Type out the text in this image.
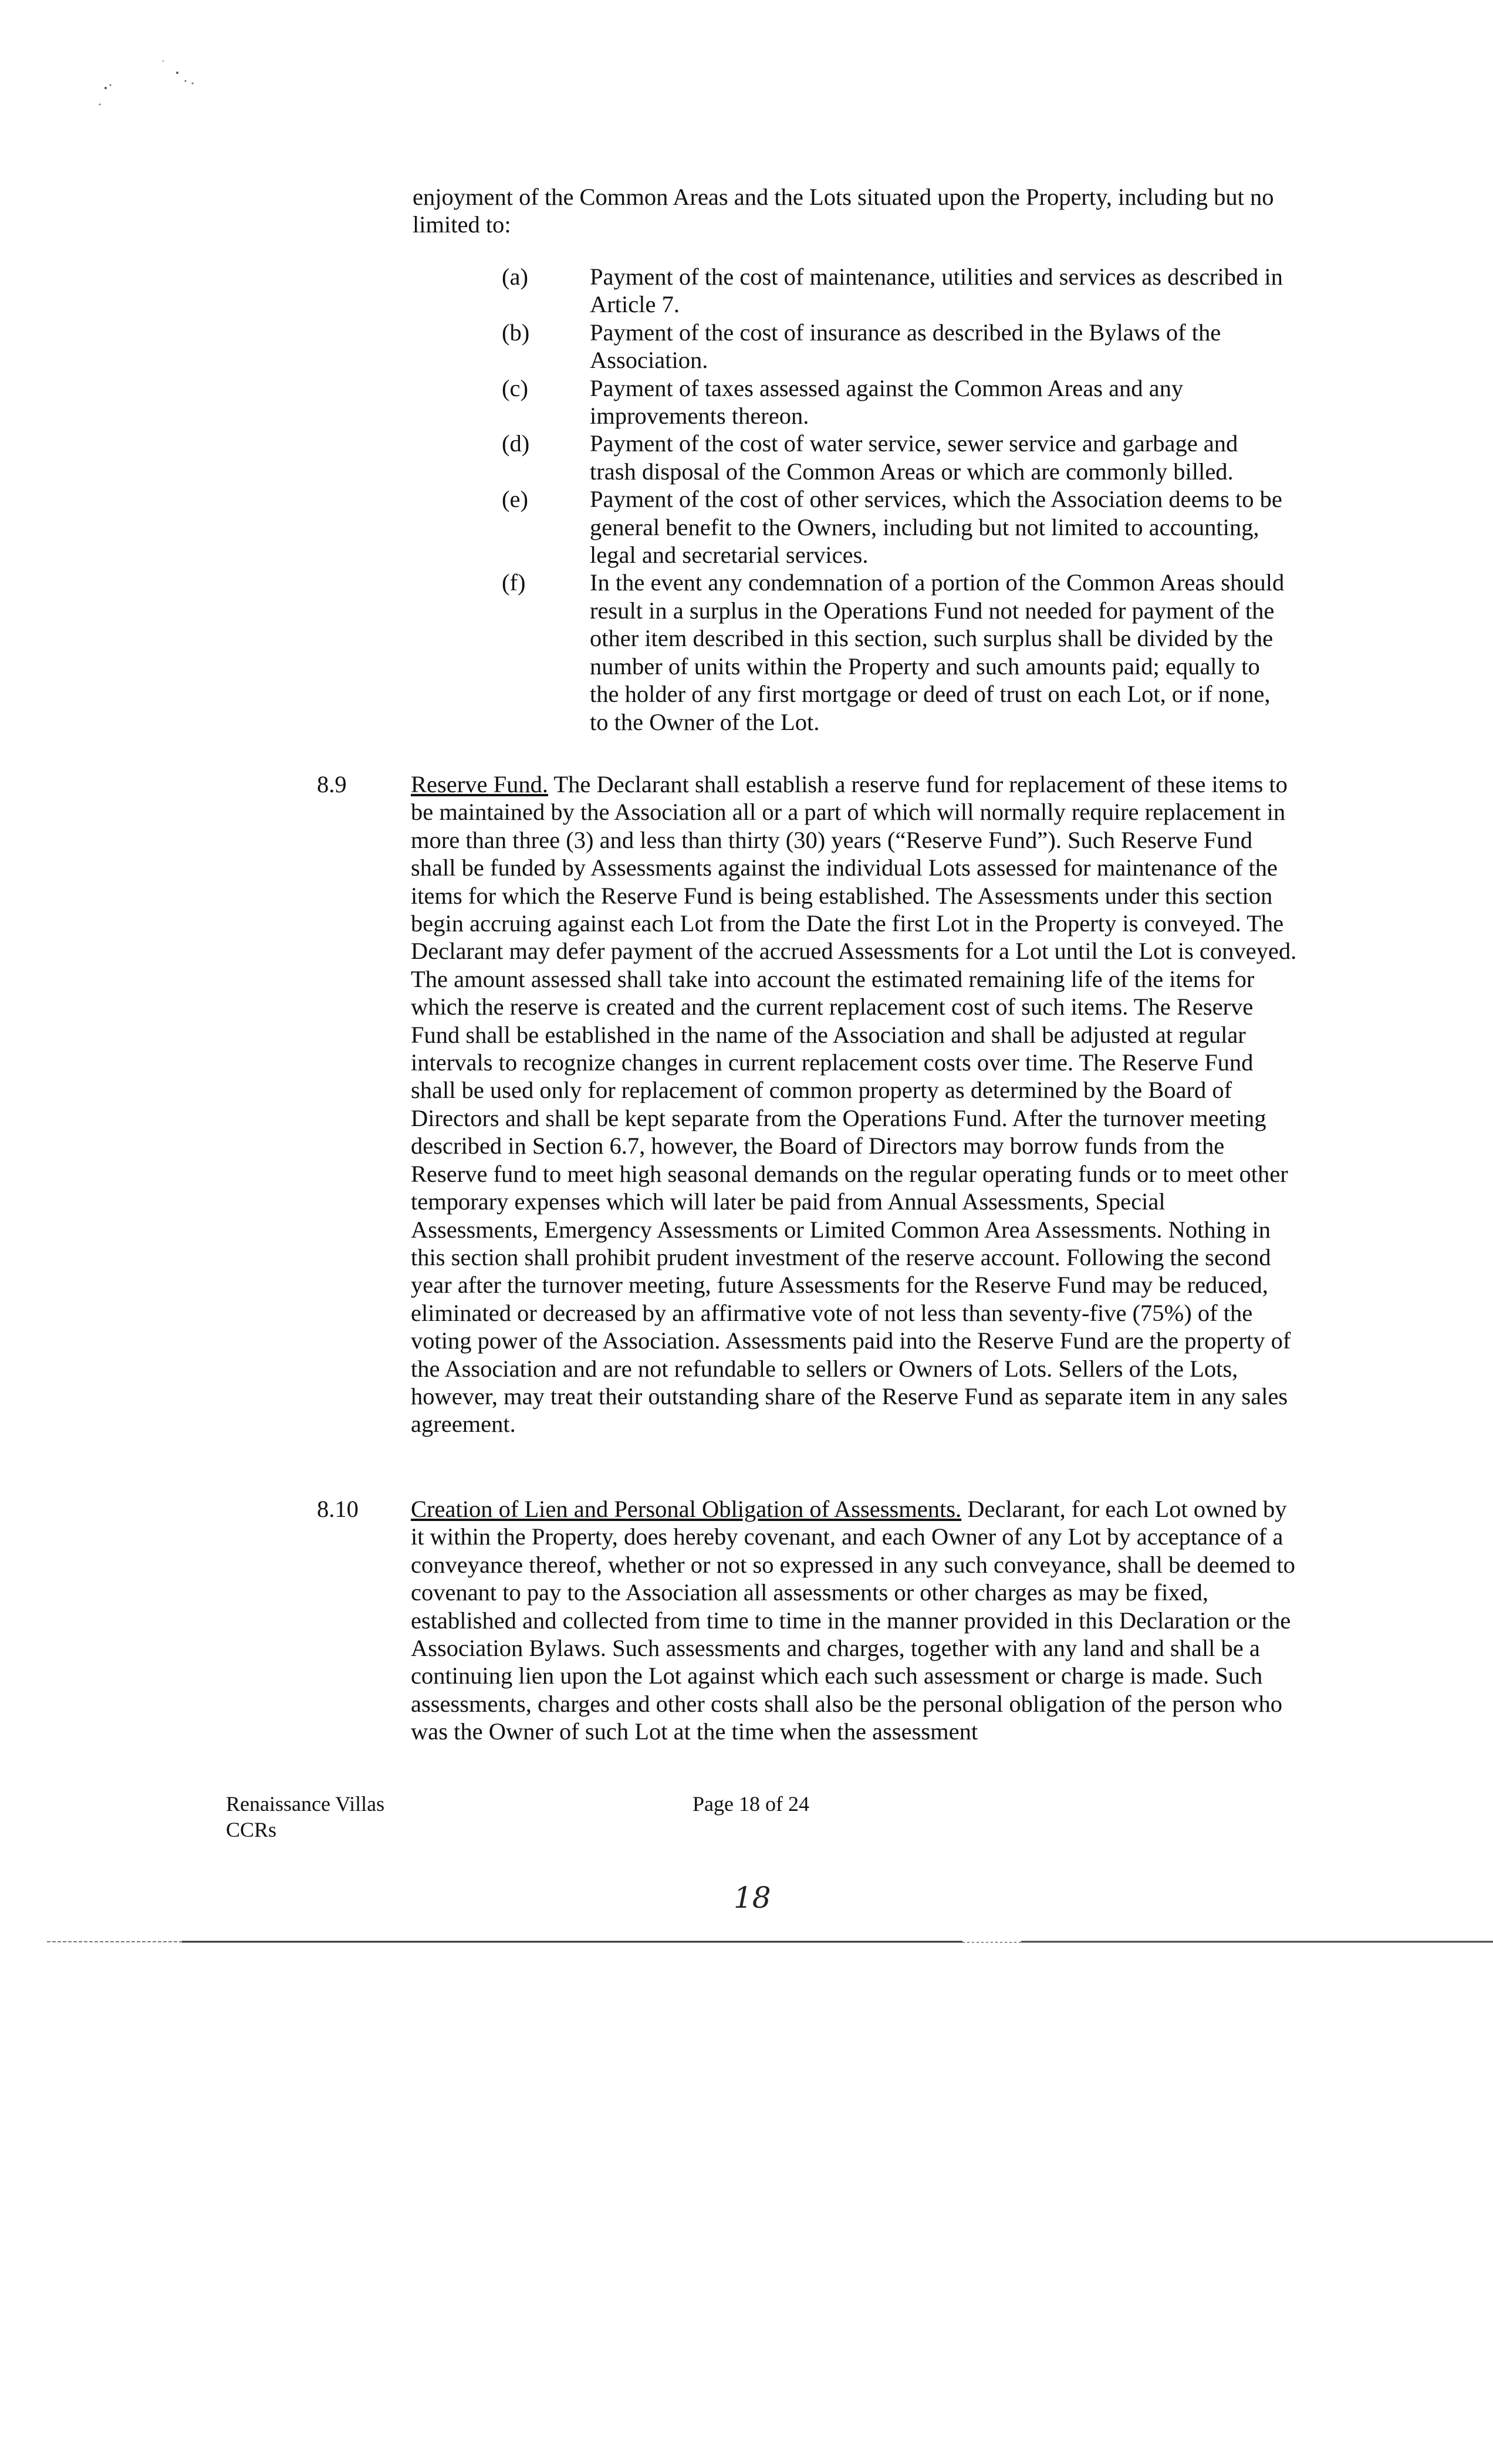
enjoyment of the Common Areas and the Lots situated upon the Property, including but no limited to:

(a)	Payment of the cost of maintenance, utilities and services as described in Article 7.
(b)	Payment of the cost of insurance as described in the Bylaws of the Association.
(c)	Payment of taxes assessed against the Common Areas and any improvements thereon.
(d)	Payment of the cost of water service, sewer service and garbage and trash disposal of the Common Areas or which are commonly billed.
(e)	Payment of the cost of other services, which the Association deems to be general benefit to the Owners, including but not limited to accounting, legal and secretarial services.
(f)	In the event any condemnation of a portion of the Common Areas should result in a surplus in the Operations Fund not needed for payment of the other item described in this section, such surplus shall be divided by the number of units within the Property and such amounts paid; equally to the holder of any first mortgage or deed of trust on each Lot, or if none, to the Owner of the Lot.
8.9	Reserve Fund. The Declarant shall establish a reserve fund for replacement of these items to be maintained by the Association all or a part of which will normally require replacement in more than three (3) and less than thirty (30) years (“Reserve Fund”). Such Reserve Fund shall be funded by Assessments against the individual Lots assessed for maintenance of the items for which the Reserve Fund is being established. The Assessments under this section begin accruing against each Lot from the Date the first Lot in the Property is conveyed. The Declarant may defer payment of the accrued Assessments for a Lot until the Lot is conveyed. The amount assessed shall take into account the estimated remaining life of the items for which the reserve is created and the current replacement cost of such items. The Reserve Fund shall be established in the name of the Association and shall be adjusted at regular intervals to recognize changes in current replacement costs over time. The Reserve Fund shall be used only for replacement of common property as determined by the Board of Directors and shall be kept separate from the Operations Fund. After the turnover meeting described in Section 6.7, however, the Board of Directors may borrow funds from the Reserve fund to meet high seasonal demands on the regular operating funds or to meet other temporary expenses which will later be paid from Annual Assessments, Special Assessments, Emergency Assessments or Limited Common Area Assessments. Nothing in this section shall prohibit prudent investment of the reserve account. Following the second year after the turnover meeting, future Assessments for the Reserve Fund may be reduced, eliminated or decreased by an affirmative vote of not less than seventy-five (75%) of the voting power of the Association. Assessments paid into the Reserve Fund are the property of the Association and are not refundable to sellers or Owners of Lots. Sellers of the Lots, however, may treat their outstanding share of the Reserve Fund as separate item in any sales agreement.
8.10	Creation of Lien and Personal Obligation of Assessments. Declarant, for each Lot owned by it within the Property, does hereby covenant, and each Owner of any Lot by acceptance of a conveyance thereof, whether or not so expressed in any such conveyance, shall be deemed to covenant to pay to the Association all assessments or other charges as may be fixed, established and collected from time to time in the manner provided in this Declaration or the Association Bylaws. Such assessments and charges, together with any land and shall be a continuing lien upon the Lot against which each such assessment or charge is made. Such assessments, charges and other costs shall also be the personal obligation of the person who was the Owner of such Lot at the time when the assessment
Renaissance Villas
CCRs
Page 18 of 24
18
